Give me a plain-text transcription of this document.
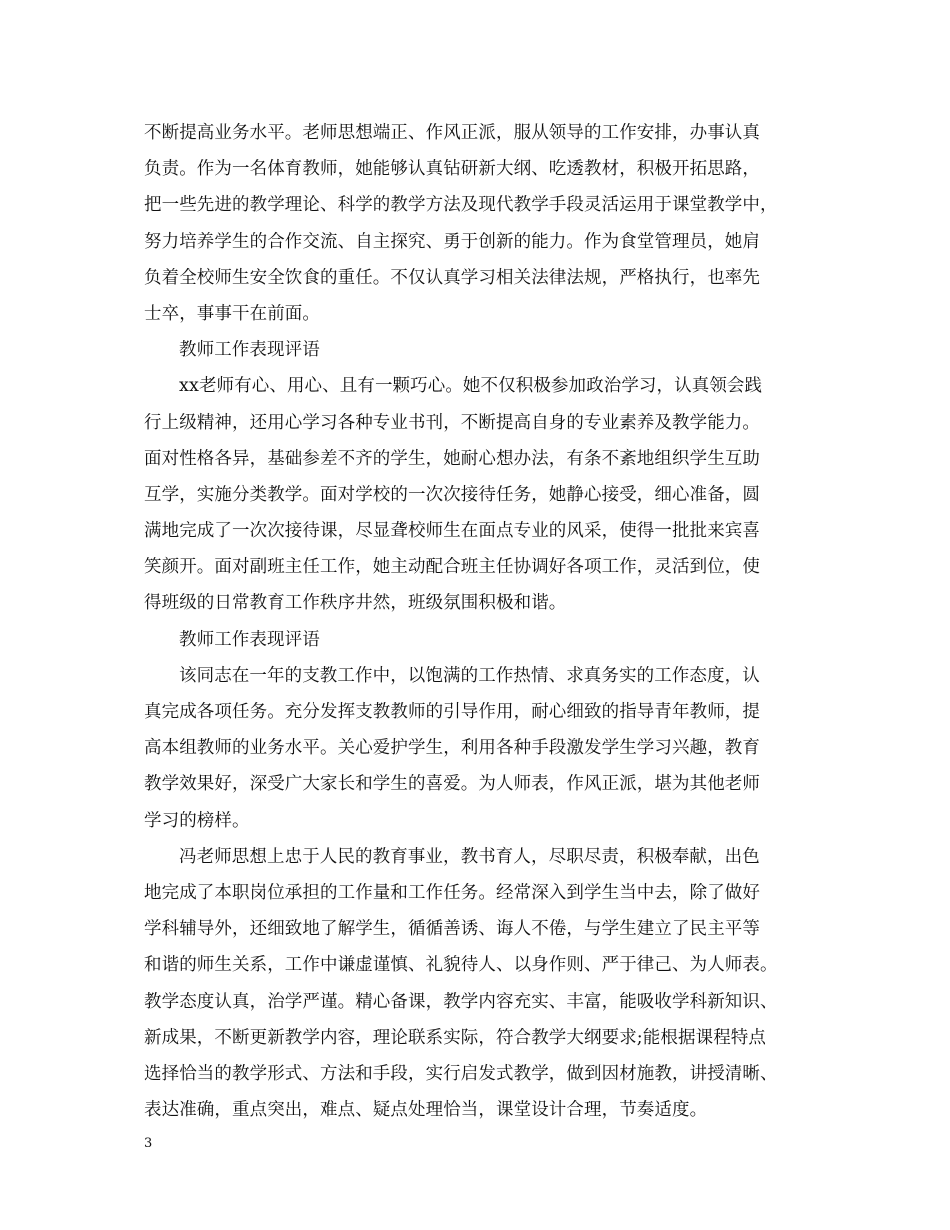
不断提高业务水平。老师思想端正、作风正派，服从领导的工作安排，办事认真
负责。作为一名体育教师，她能够认真钻研新大纲、吃透教材，积极开拓思路，
把一些先进的教学理论、科学的教学方法及现代教学手段灵活运用于课堂教学中，
努力培养学生的合作交流、自主探究、勇于创新的能力。作为食堂管理员，她肩
负着全校师生安全饮食的重任。不仅认真学习相关法律法规，严格执行，也率先
士卒，事事干在前面。
教师工作表现评语
xx老师有心、用心、且有一颗巧心。她不仅积极参加政治学习，认真领会践
行上级精神，还用心学习各种专业书刊，不断提高自身的专业素养及教学能力。
面对性格各异，基础参差不齐的学生，她耐心想办法，有条不紊地组织学生互助
互学，实施分类教学。面对学校的一次次接待任务，她静心接受，细心准备，圆
满地完成了一次次接待课，尽显聋校师生在面点专业的风采，使得一批批来宾喜
笑颜开。面对副班主任工作，她主动配合班主任协调好各项工作，灵活到位，使
得班级的日常教育工作秩序井然，班级氛围积极和谐。
教师工作表现评语
该同志在一年的支教工作中，以饱满的工作热情、求真务实的工作态度，认
真完成各项任务。充分发挥支教教师的引导作用，耐心细致的指导青年教师，提
高本组教师的业务水平。关心爱护学生，利用各种手段激发学生学习兴趣，教育
教学效果好，深受广大家长和学生的喜爱。为人师表，作风正派，堪为其他老师
学习的榜样。
冯老师思想上忠于人民的教育事业，教书育人，尽职尽责，积极奉献，出色
地完成了本职岗位承担的工作量和工作任务。经常深入到学生当中去，除了做好
学科辅导外，还细致地了解学生，循循善诱、诲人不倦，与学生建立了民主平等
和谐的师生关系，工作中谦虚谨慎、礼貌待人、以身作则、严于律己、为人师表。
教学态度认真，治学严谨。精心备课，教学内容充实、丰富，能吸收学科新知识、
新成果，不断更新教学内容，理论联系实际，符合教学大纲要求;能根据课程特点
选择恰当的教学形式、方法和手段，实行启发式教学，做到因材施教，讲授清晰、
表达准确，重点突出，难点、疑点处理恰当，课堂设计合理，节奏适度。
3
